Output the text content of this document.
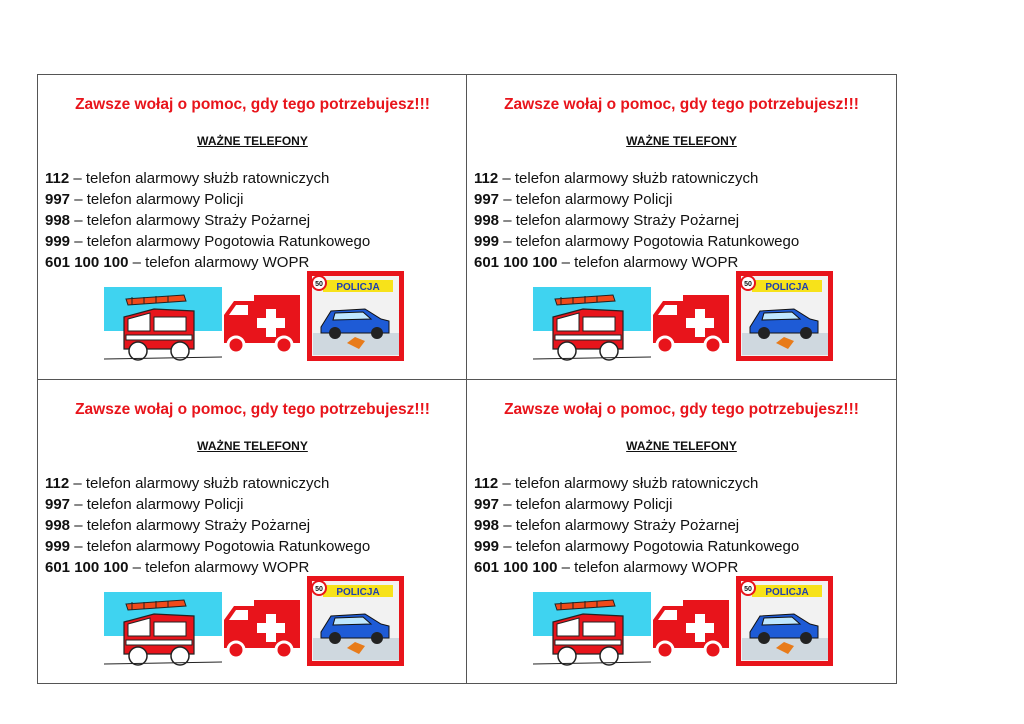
Zawsze wołaj o pomoc, gdy tego potrzebujesz!!!
WAŻNE TELEFONY
112 – telefon alarmowy służb ratowniczych
997 – telefon alarmowy Policji
998 – telefon alarmowy Straży Pożarnej
999 – telefon alarmowy Pogotowia Ratunkowego
601 100 100 – telefon alarmowy WOPR
POLICJA
50
Zawsze wołaj o pomoc, gdy tego potrzebujesz!!!
WAŻNE TELEFONY
112 – telefon alarmowy służb ratowniczych
997 – telefon alarmowy Policji
998 – telefon alarmowy Straży Pożarnej
999 – telefon alarmowy Pogotowia Ratunkowego
601 100 100 – telefon alarmowy WOPR
POLICJA
50
Zawsze wołaj o pomoc, gdy tego potrzebujesz!!!
WAŻNE TELEFONY
112 – telefon alarmowy służb ratowniczych
997 – telefon alarmowy Policji
998 – telefon alarmowy Straży Pożarnej
999 – telefon alarmowy Pogotowia Ratunkowego
601 100 100 – telefon alarmowy WOPR
POLICJA
50
Zawsze wołaj o pomoc, gdy tego potrzebujesz!!!
WAŻNE TELEFONY
112 – telefon alarmowy służb ratowniczych
997 – telefon alarmowy Policji
998 – telefon alarmowy Straży Pożarnej
999 – telefon alarmowy Pogotowia Ratunkowego
601 100 100 – telefon alarmowy WOPR
POLICJA
50
